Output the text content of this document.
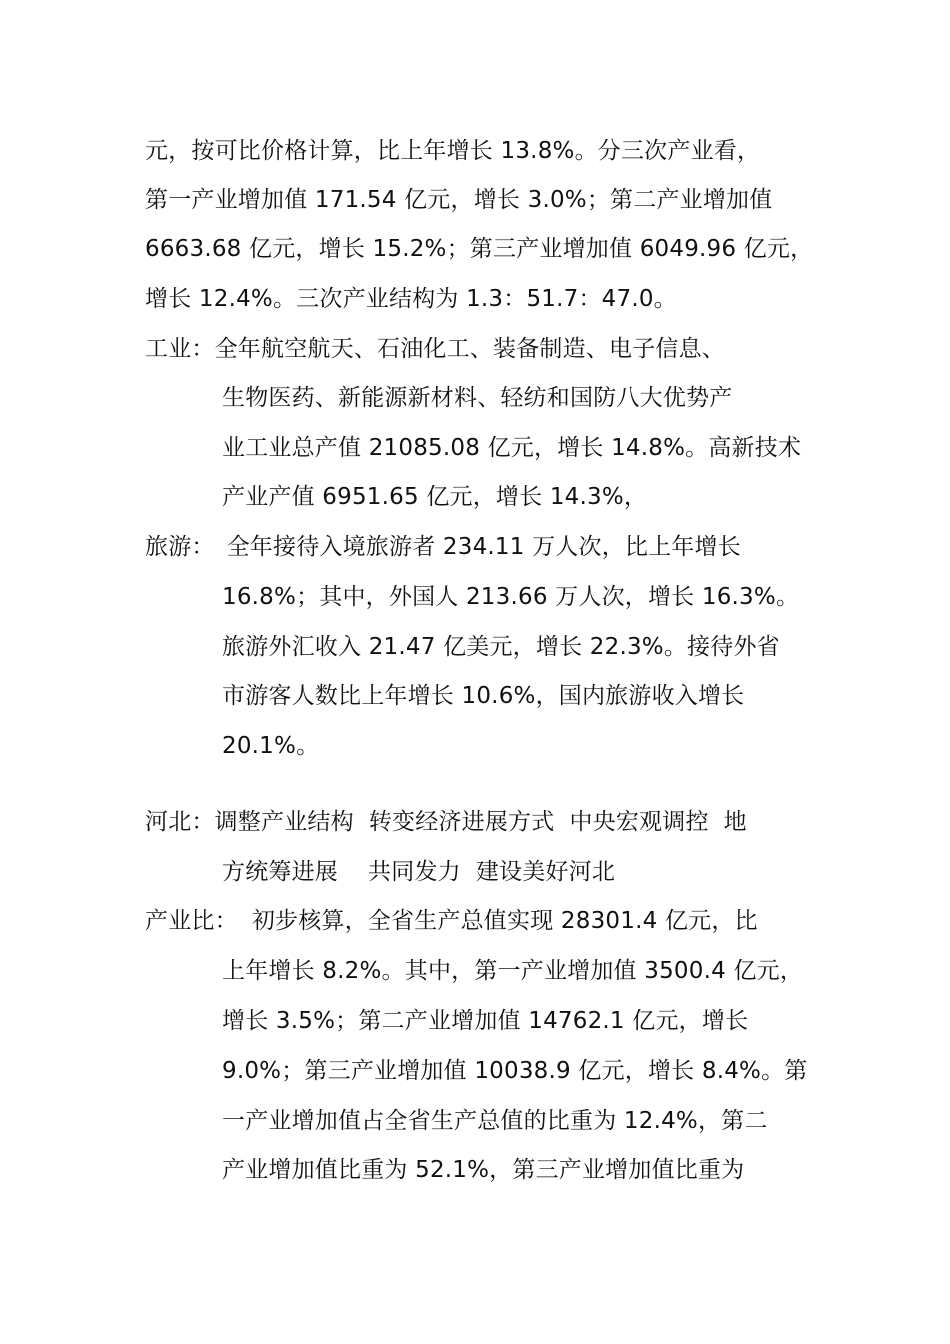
元，按可比价格计算，比上年增长 13.8%。分三次产业看，
第一产业增加值 171.54 亿元，增长 3.0%；第二产业增加值
6663.68 亿元，增长 15.2%；第三产业增加值 6049.96 亿元，
增长 12.4%。三次产业结构为 1.3：51.7：47.0。
工业：全年航空航天、石油化工、装备制造、电子信息、
生物医药、新能源新材料、轻纺和国防八大优势产
业工业总产值 21085.08 亿元，增长 14.8%。高新技术
产业产值 6951.65 亿元，增长 14.3%，
旅游： 全年接待入境旅游者 234.11 万人次，比上年增长
16.8%；其中，外国人 213.66 万人次，增长 16.3%。
旅游外汇收入 21.47 亿美元，增长 22.3%。接待外省
市游客人数比上年增长 10.6%，国内旅游收入增长
20.1%。
河北：调整产业结构  转变经济进展方式  中央宏观调控  地
方统筹进展    共同发力  建设美好河北
产业比： 初步核算，全省生产总值实现 28301.4 亿元，比
上年增长 8.2%。其中，第一产业增加值 3500.4 亿元，
增长 3.5%；第二产业增加值 14762.1 亿元，增长
9.0%；第三产业增加值 10038.9 亿元，增长 8.4%。第
一产业增加值占全省生产总值的比重为 12.4%，第二
产业增加值比重为 52.1%，第三产业增加值比重为
